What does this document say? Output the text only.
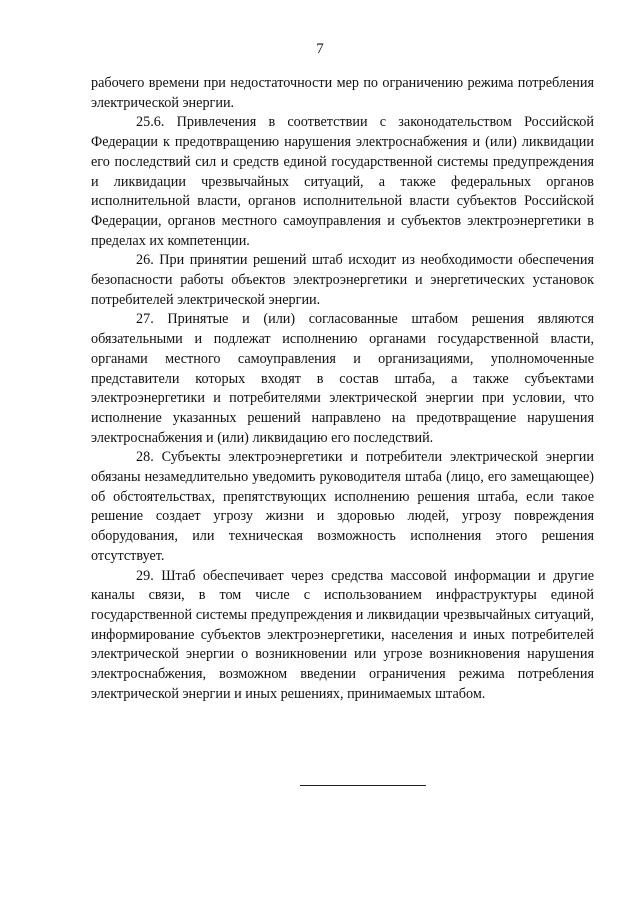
7

рабочего времени при недостаточности мер по ограничению режима потребления электрической энергии.

25.6. Привлечения в соответствии с законодательством Российской Федерации к предотвращению нарушения электроснабжения и (или) ликвидации его последствий сил и средств единой государственной системы предупреждения и ликвидации чрезвычайных ситуаций, а также федеральных органов исполнительной власти, органов исполнительной власти субъектов Российской Федерации, органов местного самоуправления и субъектов электроэнергетики в пределах их компетенции.

26. При принятии решений штаб исходит из необходимости обеспечения безопасности работы объектов электроэнергетики и энергетических установок потребителей электрической энергии.

27. Принятые и (или) согласованные штабом решения являются обязательными и подлежат исполнению органами государственной власти, органами местного самоуправления и организациями, уполномоченные представители которых входят в состав штаба, а также субъектами электроэнергетики и потребителями электрической энергии при условии, что исполнение указанных решений направлено на предотвращение нарушения электроснабжения и (или) ликвидацию его последствий.

28. Субъекты электроэнергетики и потребители электрической энергии обязаны незамедлительно уведомить руководителя штаба (лицо, его замещающее) об обстоятельствах, препятствующих исполнению решения штаба, если такое решение создает угрозу жизни и здоровью людей, угрозу повреждения оборудования, или техническая возможность исполнения этого решения отсутствует.

29. Штаб обеспечивает через средства массовой информации и другие каналы связи, в том числе с использованием инфраструктуры единой государственной системы предупреждения и ликвидации чрезвычайных ситуаций, информирование субъектов электроэнергетики, населения и иных потребителей электрической энергии о возникновении или угрозе возникновения нарушения электроснабжения, возможном введении ограничения режима потребления электрической энергии и иных решениях, принимаемых штабом.
